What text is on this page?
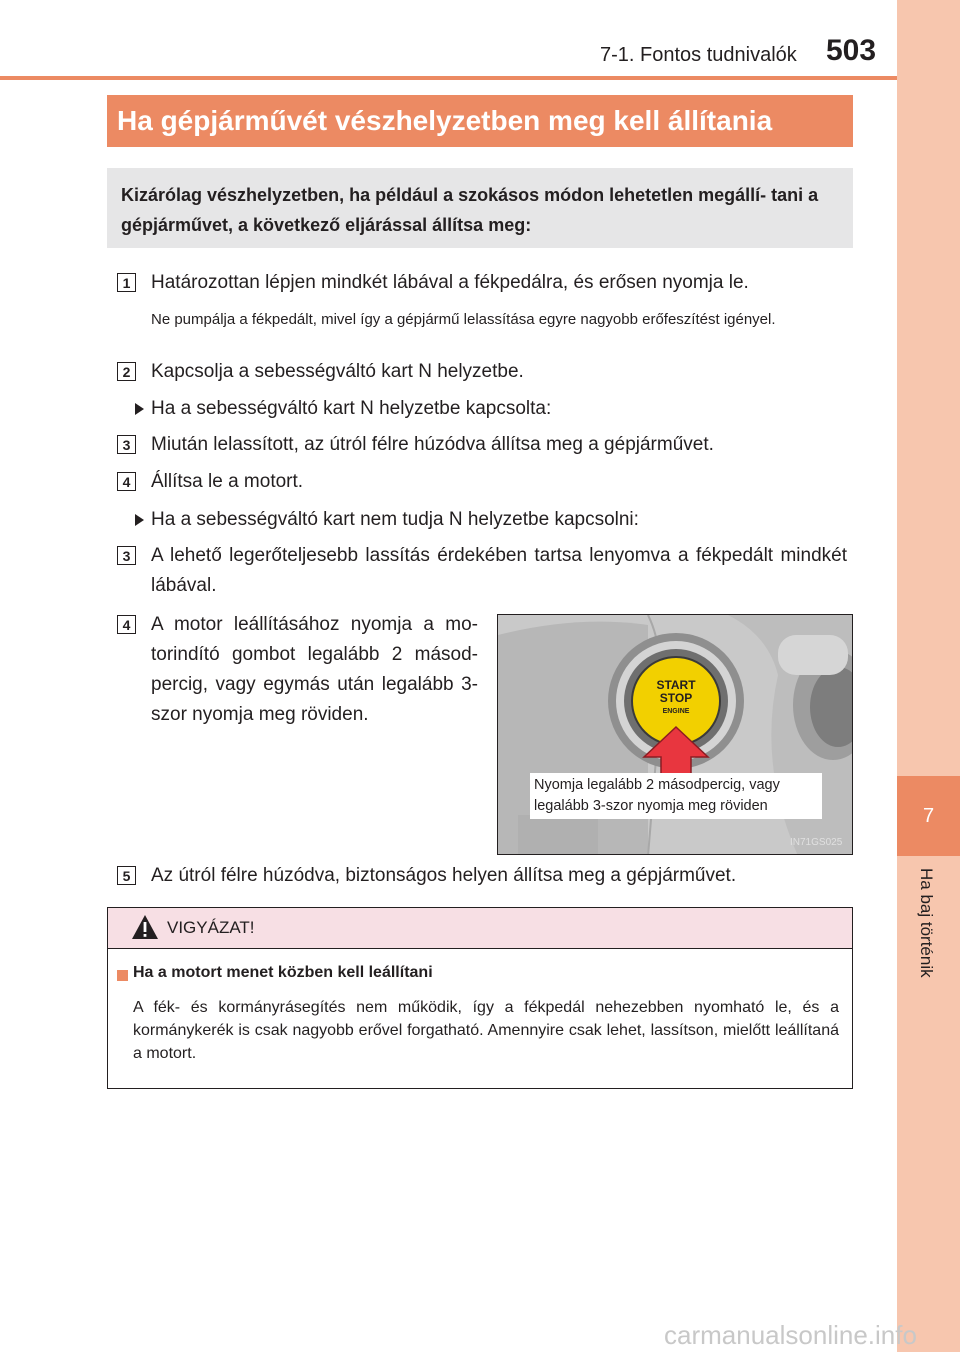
7
Ha baj történik
7-1. Fontos tudnivalók 503
Ha gépjárművét vészhelyzetben meg kell állítania
Kizárólag vészhelyzetben, ha például a szokásos módon lehetetlen megállí- tani a gépjárművet, a következő eljárással állítsa meg:
1 Határozottan lépjen mindkét lábával a fékpedálra, és erősen nyomja le.
Ne pumpálja a fékpedált, mivel így a gépjármű lelassítása egyre nagyobb erőfeszítést igényel.
2 Kapcsolja a sebességváltó kart N helyzetbe.
Ha a sebességváltó kart N helyzetbe kapcsolta:
3 Miután lelassított, az útról félre húzódva állítsa meg a gépjárművet.
4 Állítsa le a motort.
Ha a sebességváltó kart nem tudja N helyzetbe kapcsolni:
3 A lehető legerőteljesebb lassítás érdekében tartsa lenyomva a fékpedált mindkét lábával.
4 A motor leállításához nyomja a mo- torindító gombot legalább 2 másod- percig, vagy egymás után legalább 3-szor nyomja meg röviden.
START
STOP
ENGINE
Nyomja legalább 2 másodpercig, vagy legalább 3-szor nyomja meg röviden
IN71GS025
5 Az útról félre húzódva, biztonságos helyen állítsa meg a gépjárművet.
VIGYÁZAT!
Ha a motort menet közben kell leállítani
A fék- és kormányrásegítés nem működik, így a fékpedál nehezebben nyomható le, és a kormánykerék is csak nagyobb erővel forgatható. Amennyire csak lehet, lassítson, mielőtt leállítaná a motort.
carmanualsonline.info
